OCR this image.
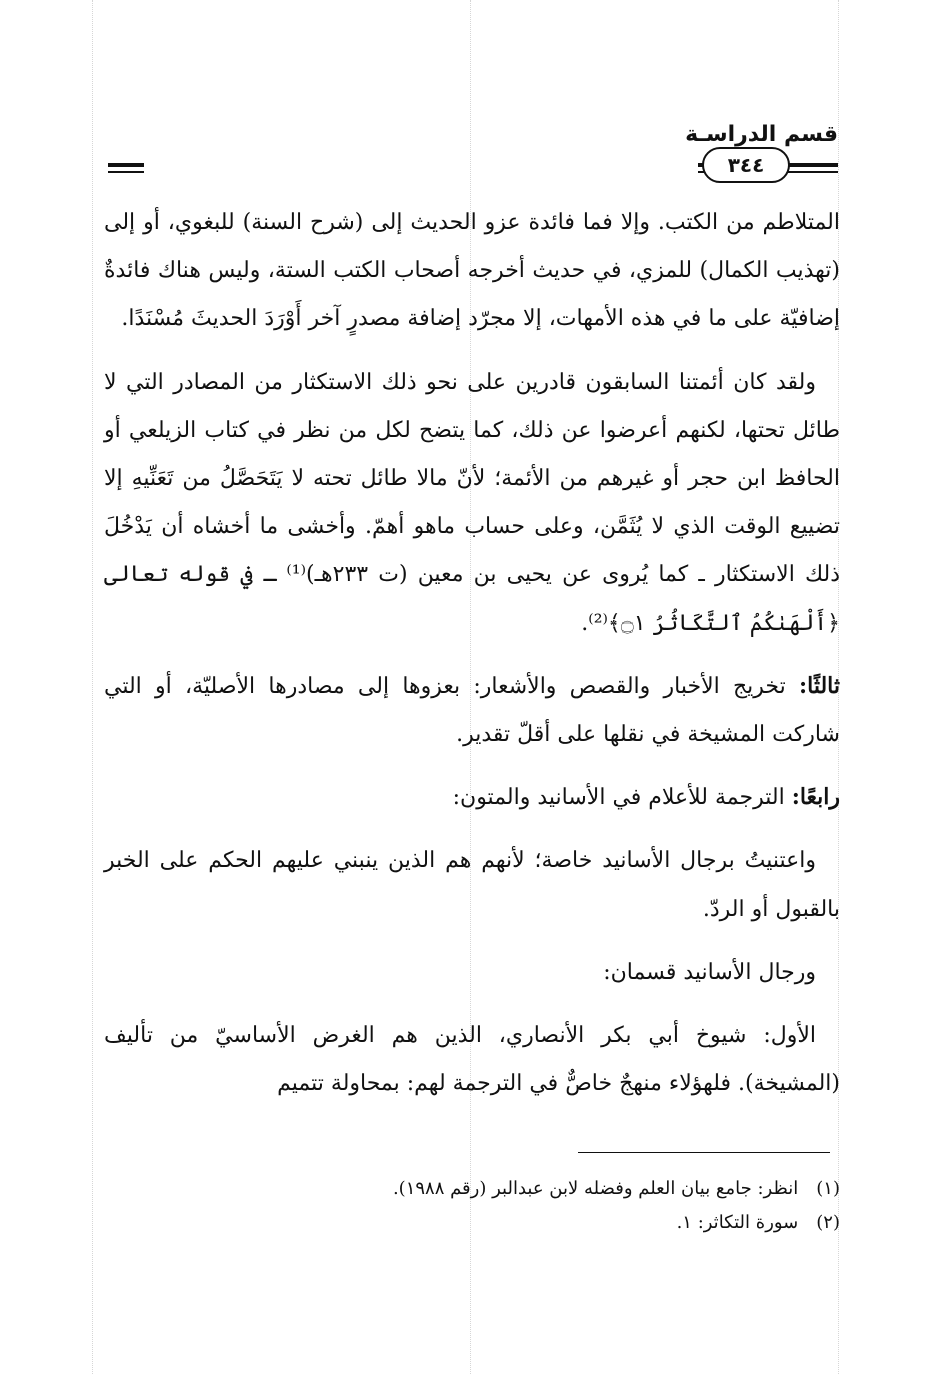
قسم الدراسـة
٣٤٤

المتلاطم من الكتب. وإلا فما فائدة عزو الحديث إلى (شرح السنة) للبغوي، أو إلى (تهذيب الكمال) للمزي، في حديث أخرجه أصحاب الكتب الستة، وليس هناك فائدةٌ إضافيّة على ما في هذه الأمهات، إلا مجرّد إضافة مصدرٍ آخر أَوْرَدَ الحديثَ مُسْنَدًا.

ولقد كان أئمتنا السابقون قادرين على نحو ذلك الاستكثار من المصادر التي لا طائل تحتها، لكنهم أعرضوا عن ذلك، كما يتضح لكل من نظر في كتاب الزيلعي أو الحافظ ابن حجر أو غيرهم من الأئمة؛ لأنّ مالا طائل تحته لا يَتَحَصَّلُ من تَعَنِّيهِ إلا تضييع الوقت الذي لا يُثَمَّن، وعلى حساب ماهو أهمّ. وأخشى ما أخشاه أن يَدْخُلَ ذلك الاستكثار ـ كما يُروى عن يحيى بن معين (ت ٢٣٣هـ)⁽¹⁾ ـ في قوله تعالى ﴿أَلْهَىٰكُمُ ٱلتَّكَاثُرُ ۝١﴾⁽²⁾.

ثالثًا: تخريج الأخبار والقصص والأشعار: بعزوها إلى مصادرها الأصليّة، أو التي شاركت المشيخة في نقلها على أقلّ تقدير.

رابعًا: الترجمة للأعلام في الأسانيد والمتون:

واعتنيتُ برجال الأسانيد خاصة؛ لأنهم هم الذين ينبني عليهم الحكم على الخبر بالقبول أو الردّ.

ورجال الأسانيد قسمان:

الأول: شيوخ أبي بكر الأنصاري، الذين هم الغرض الأساسيّ من تأليف (المشيخة). فلهؤلاء منهجٌ خاصٌّ في الترجمة لهم: بمحاولة تتميم

(١) انظر: جامع بيان العلم وفضله لابن عبدالبر (رقم ١٩٨٨).

(٢) سورة التكاثر: ١.
